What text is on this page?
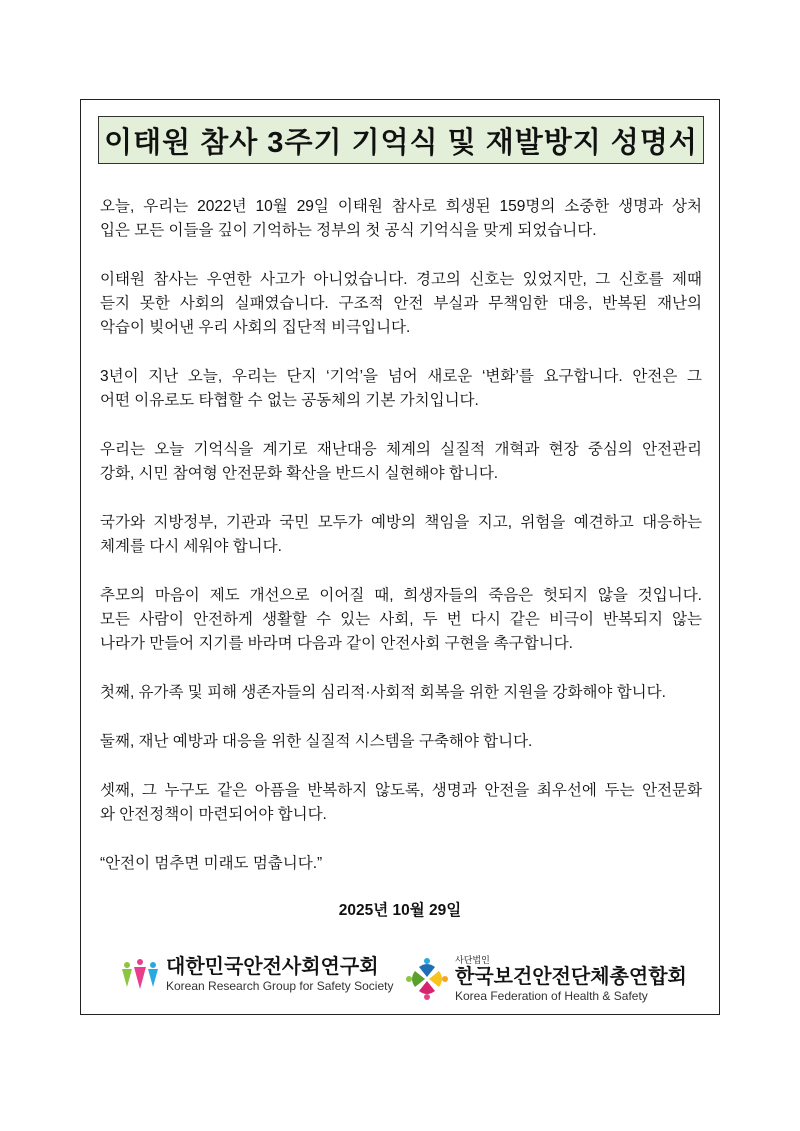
이태원 참사 3주기 기억식 및 재발방지 성명서

오늘, 우리는 2022년 10월 29일 이태원 참사로 희생된 159명의 소중한 생명과 상처
입은 모든 이들을 깊이 기억하는 정부의 첫 공식 기억식을 맞게 되었습니다.

이태원 참사는 우연한 사고가 아니었습니다. 경고의 신호는 있었지만, 그 신호를 제때
듣지 못한 사회의 실패였습니다. 구조적 안전 부실과 무책임한 대응, 반복된 재난의
악습이 빚어낸 우리 사회의 집단적 비극입니다.

3년이 지난 오늘, 우리는 단지 ‘기억’을 넘어 새로운 ‘변화’를 요구합니다. 안전은 그
어떤 이유로도 타협할 수 없는 공동체의 기본 가치입니다.

우리는 오늘 기억식을 계기로 재난대응 체계의 실질적 개혁과 현장 중심의 안전관리
강화, 시민 참여형 안전문화 확산을 반드시 실현해야 합니다.

국가와 지방정부, 기관과 국민 모두가 예방의 책임을 지고, 위험을 예견하고 대응하는
체계를 다시 세워야 합니다.

추모의 마음이 제도 개선으로 이어질 때, 희생자들의 죽음은 헛되지 않을 것입니다.
모든 사람이 안전하게 생활할 수 있는 사회, 두 번 다시 같은 비극이 반복되지 않는
나라가 만들어 지기를 바라며 다음과 같이 안전사회 구현을 촉구합니다.

첫째, 유가족 및 피해 생존자들의 심리적·사회적 회복을 위한 지원을 강화해야 합니다.

둘째, 재난 예방과 대응을 위한 실질적 시스템을 구축해야 합니다.

셋째, 그 누구도 같은 아픔을 반복하지 않도록, 생명과 안전을 최우선에 두는 안전문화
와 안전정책이 마련되어야 합니다.

“안전이 멈추면 미래도 멈춥니다.”

2025년 10월 29일
대한민국안전사회연구회
Korean Research Group for Safety Society
사단법인
한국보건안전단체총연합회
Korea Federation of Health & Safety
